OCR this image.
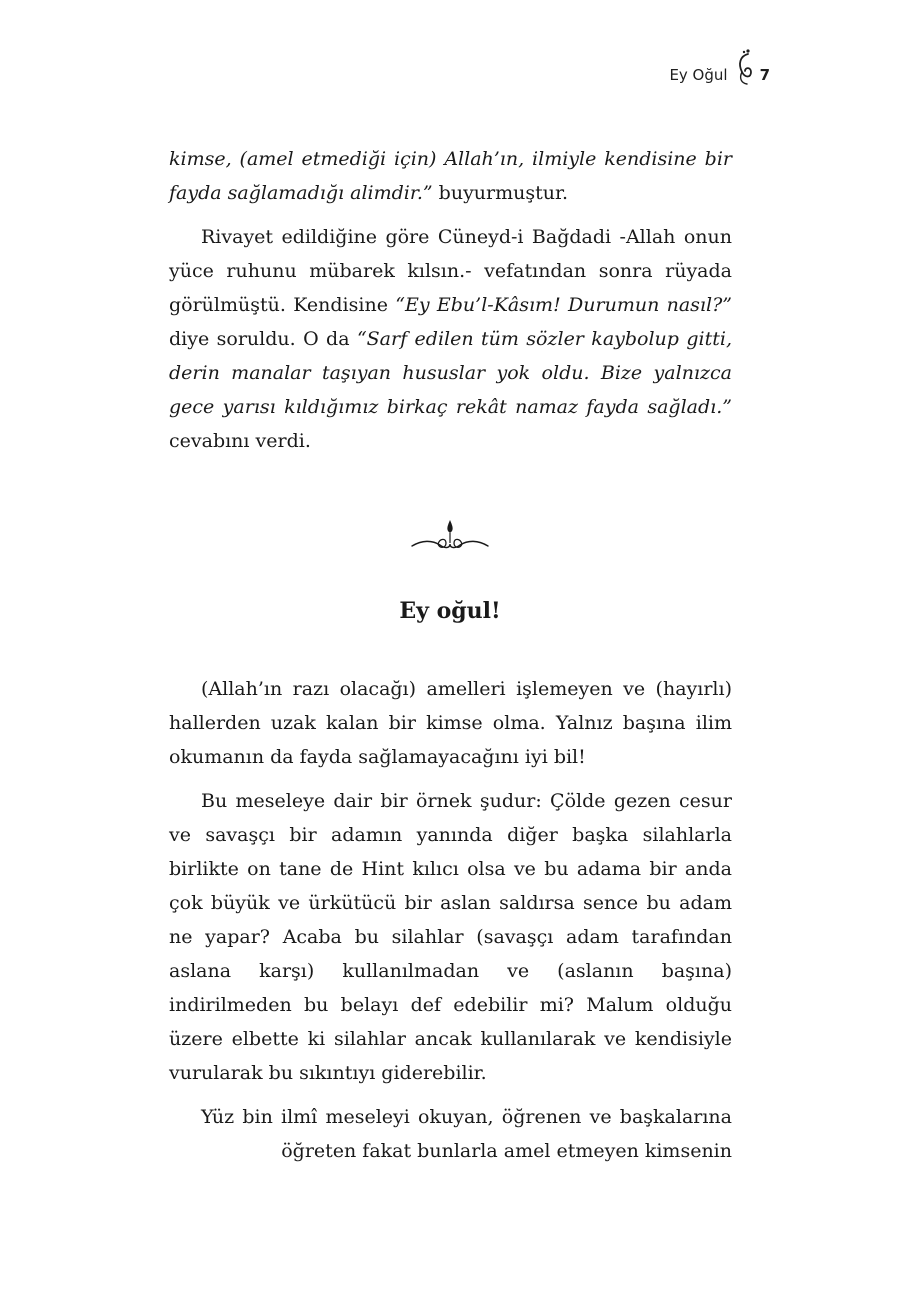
Ey Oğul 7

kimse, (amel etmediği için) Allah’ın, ilmiyle kendisine bir fayda sağlamadığı alimdir.” buyurmuştur.

Rivayet edildiğine göre Cüneyd-i Bağdadi -Allah onun yüce ruhunu mübarek kılsın.- vefatından sonra rüyada görülmüştü. Kendisine “Ey Ebu’l-Kâsım! Durumun nasıl?” diye soruldu. O da “Sarf edilen tüm sözler kaybolup gitti, derin manalar taşıyan hususlar yok oldu. Bize yalnızca gece yarısı kıldığımız birkaç rekât namaz fayda sağladı.” cevabını verdi.

Ey oğul!

(Allah’ın razı olacağı) amelleri işlemeyen ve (hayırlı) hallerden uzak kalan bir kimse olma. Yalnız başına ilim okumanın da fayda sağlamayacağını iyi bil!

Bu meseleye dair bir örnek şudur: Çölde gezen cesur ve savaşçı bir adamın yanında diğer başka silahlarla birlikte on tane de Hint kılıcı olsa ve bu adama bir anda çok büyük ve ürkütücü bir aslan saldırsa sence bu adam ne yapar? Acaba bu silahlar (savaşçı adam tarafından aslana karşı) kullanılmadan ve (aslanın başına) indirilmeden bu belayı def edebilir mi? Malum olduğu üzere elbette ki silahlar ancak kullanılarak ve kendisiyle vurularak bu sıkıntıyı giderebilir.

Yüz bin ilmî meseleyi okuyan, öğrenen ve başkalarına öğreten fakat bunlarla amel etmeyen kimsenin
